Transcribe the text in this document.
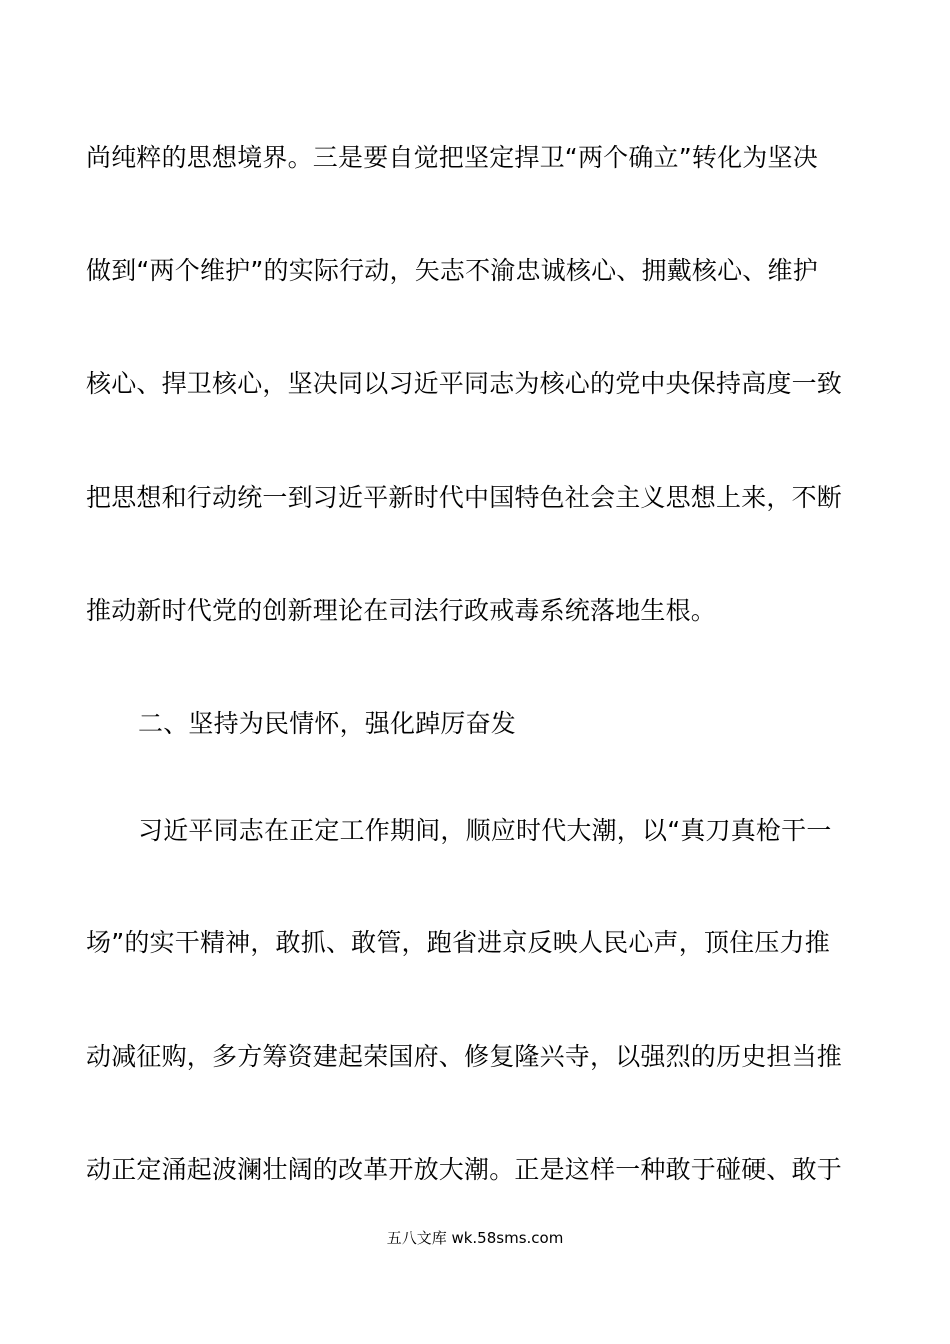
尚纯粹的思想境界。三是要自觉把坚定捍卫“两个确立”转化为坚决
做到“两个维护”的实际行动，矢志不渝忠诚核心、拥戴核心、维护
核心、捍卫核心，坚决同以习近平同志为核心的党中央保持高度一致
把思想和行动统一到习近平新时代中国特色社会主义思想上来，不断
推动新时代党的创新理论在司法行政戒毒系统落地生根。
二、坚持为民情怀，强化踔厉奋发
习近平同志在正定工作期间，顺应时代大潮，以“真刀真枪干一
场”的实干精神，敢抓、敢管，跑省进京反映人民心声，顶住压力推
动减征购，多方筹资建起荣国府、修复隆兴寺，以强烈的历史担当推
动正定涌起波澜壮阔的改革开放大潮。正是这样一种敢于碰硬、敢于
五八文库 wk.58sms.com
